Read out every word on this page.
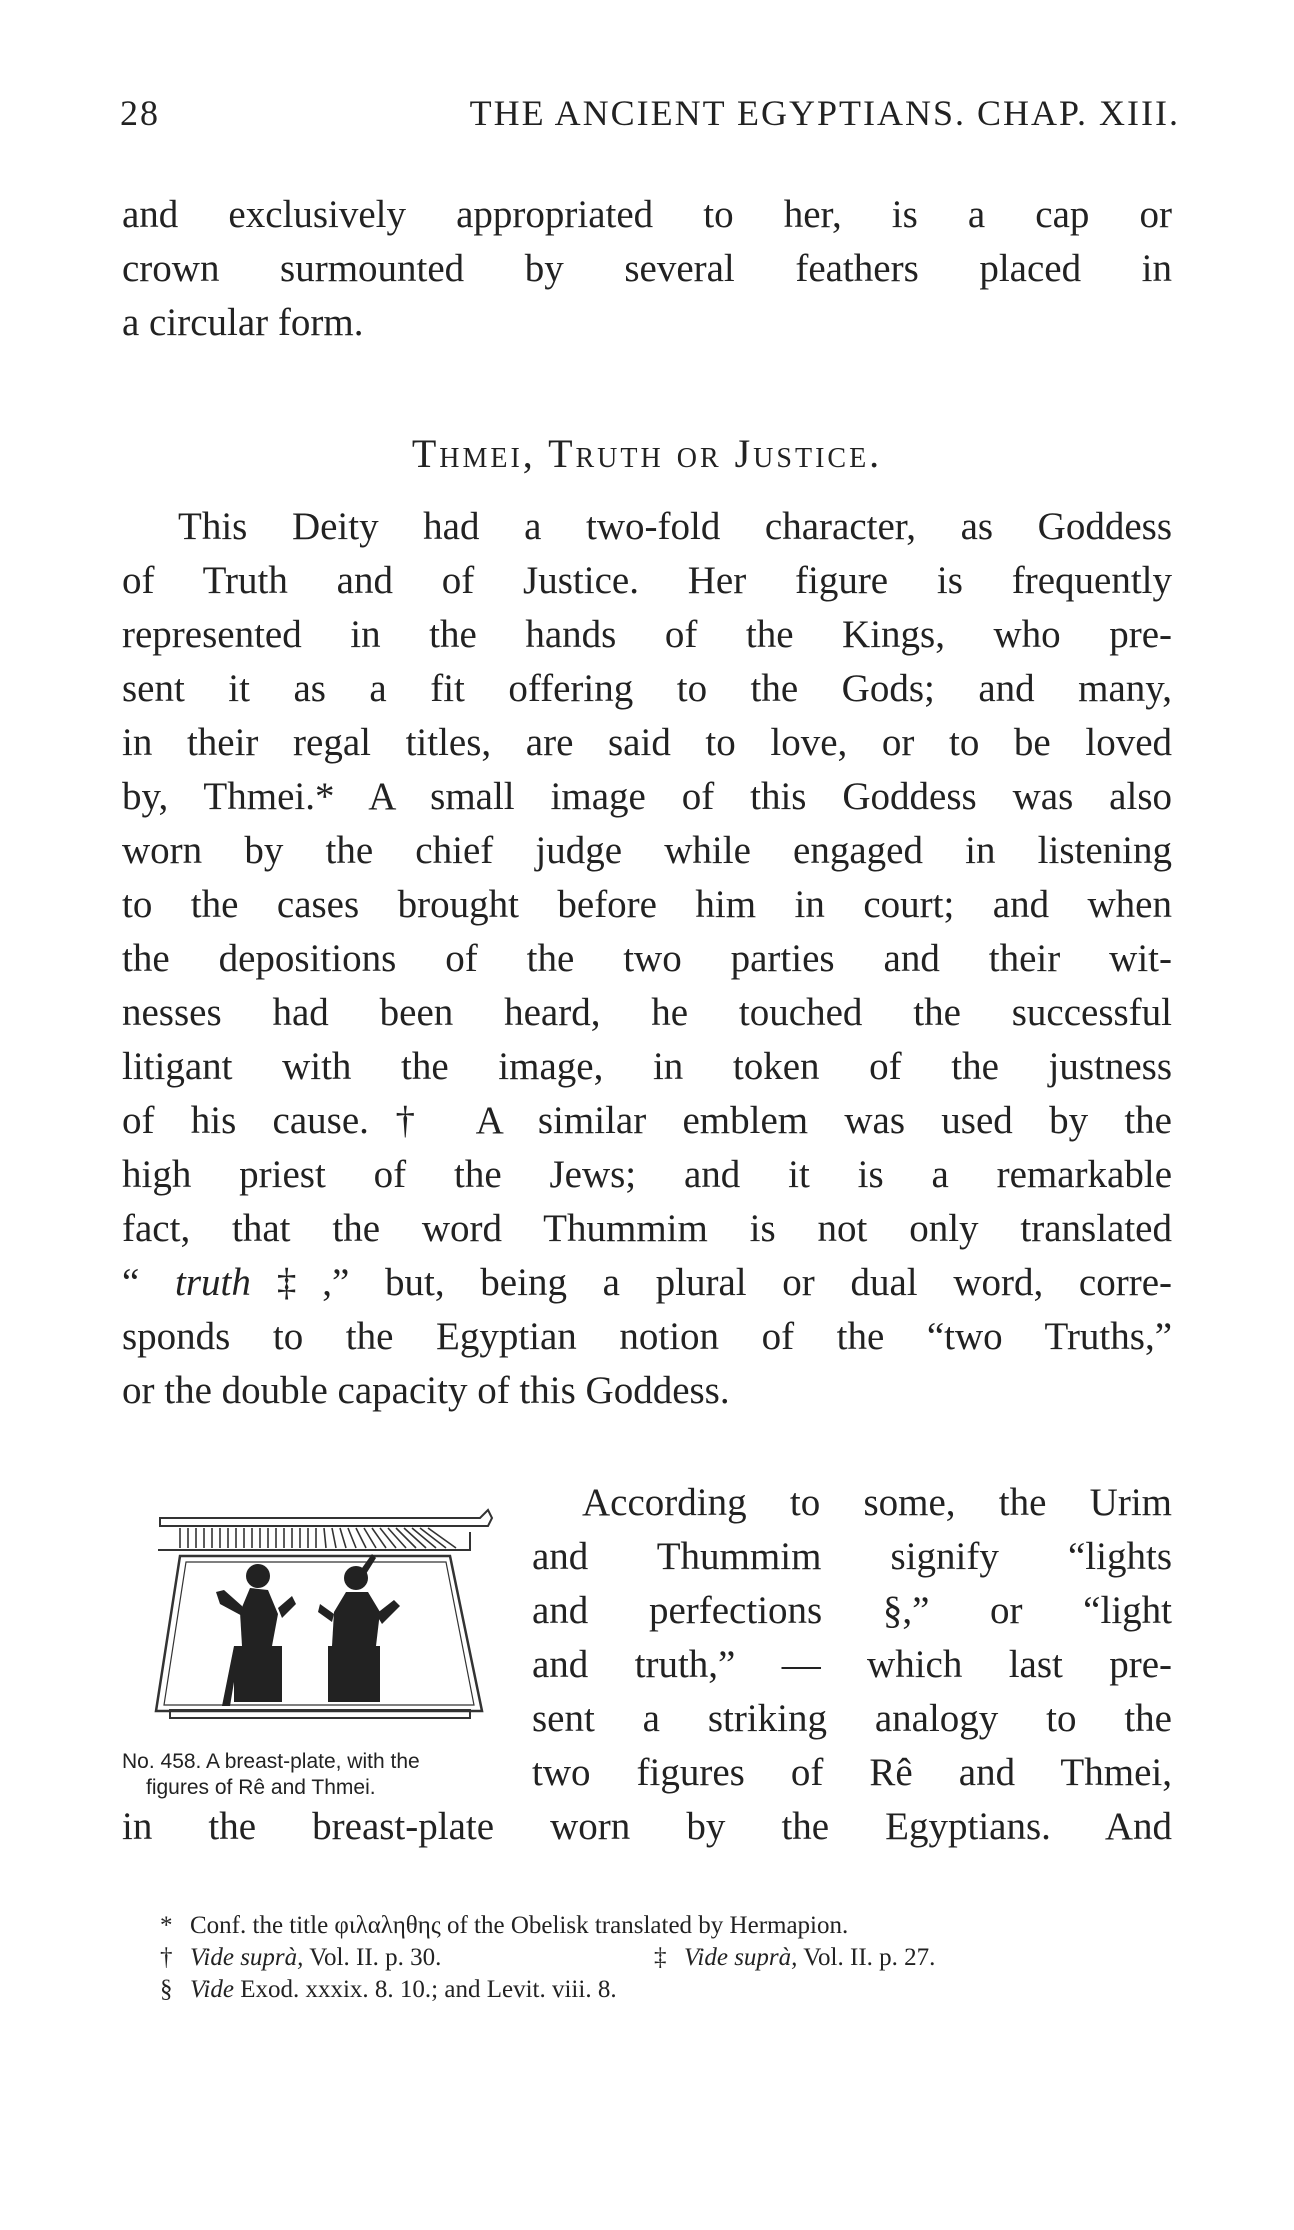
28	THE ANCIENT EGYPTIANS. CHAP. XIII.
and exclusively appropriated to her, is a cap or
crown surmounted by several feathers placed in
a circular form.
Thmei, Truth or Justice.
This Deity had a two-fold character, as Goddess
of Truth and of Justice. Her figure is frequently
represented in the hands of the Kings, who pre-
sent it as a fit offering to the Gods; and many,
in their regal titles, are said to love, or to be loved
by, Thmei.* A small image of this Goddess was also
worn by the chief judge while engaged in listening
to the cases brought before him in court; and when
the depositions of the two parties and their wit-
nesses had been heard, he touched the successful
litigant with the image, in token of the justness
of his cause.† A similar emblem was used by the
high priest of the Jews; and it is a remarkable
fact, that the word Thummim is not only translated
“ truth‡,” but, being a plural or dual word, corre-
sponds to the Egyptian notion of the “two Truths,”
or the double capacity of this Goddess.
According to some, the Urim
and Thummim signify “lights
and perfections §,” or “light
and truth,” — which last pre-
sent a striking analogy to the
two figures of Rê and Thmei,
No. 458. A breast-plate, with the
figures of Rê and Thmei.
in the breast-plate worn by the Egyptians. And
* Conf. the title φιλαληθης of the Obelisk translated by Hermapion.
† Vide suprà, Vol. II. p. 30.	‡ Vide suprà, Vol. II. p. 27.
§ Vide Exod. xxxix. 8. 10.; and Levit. viii. 8.
